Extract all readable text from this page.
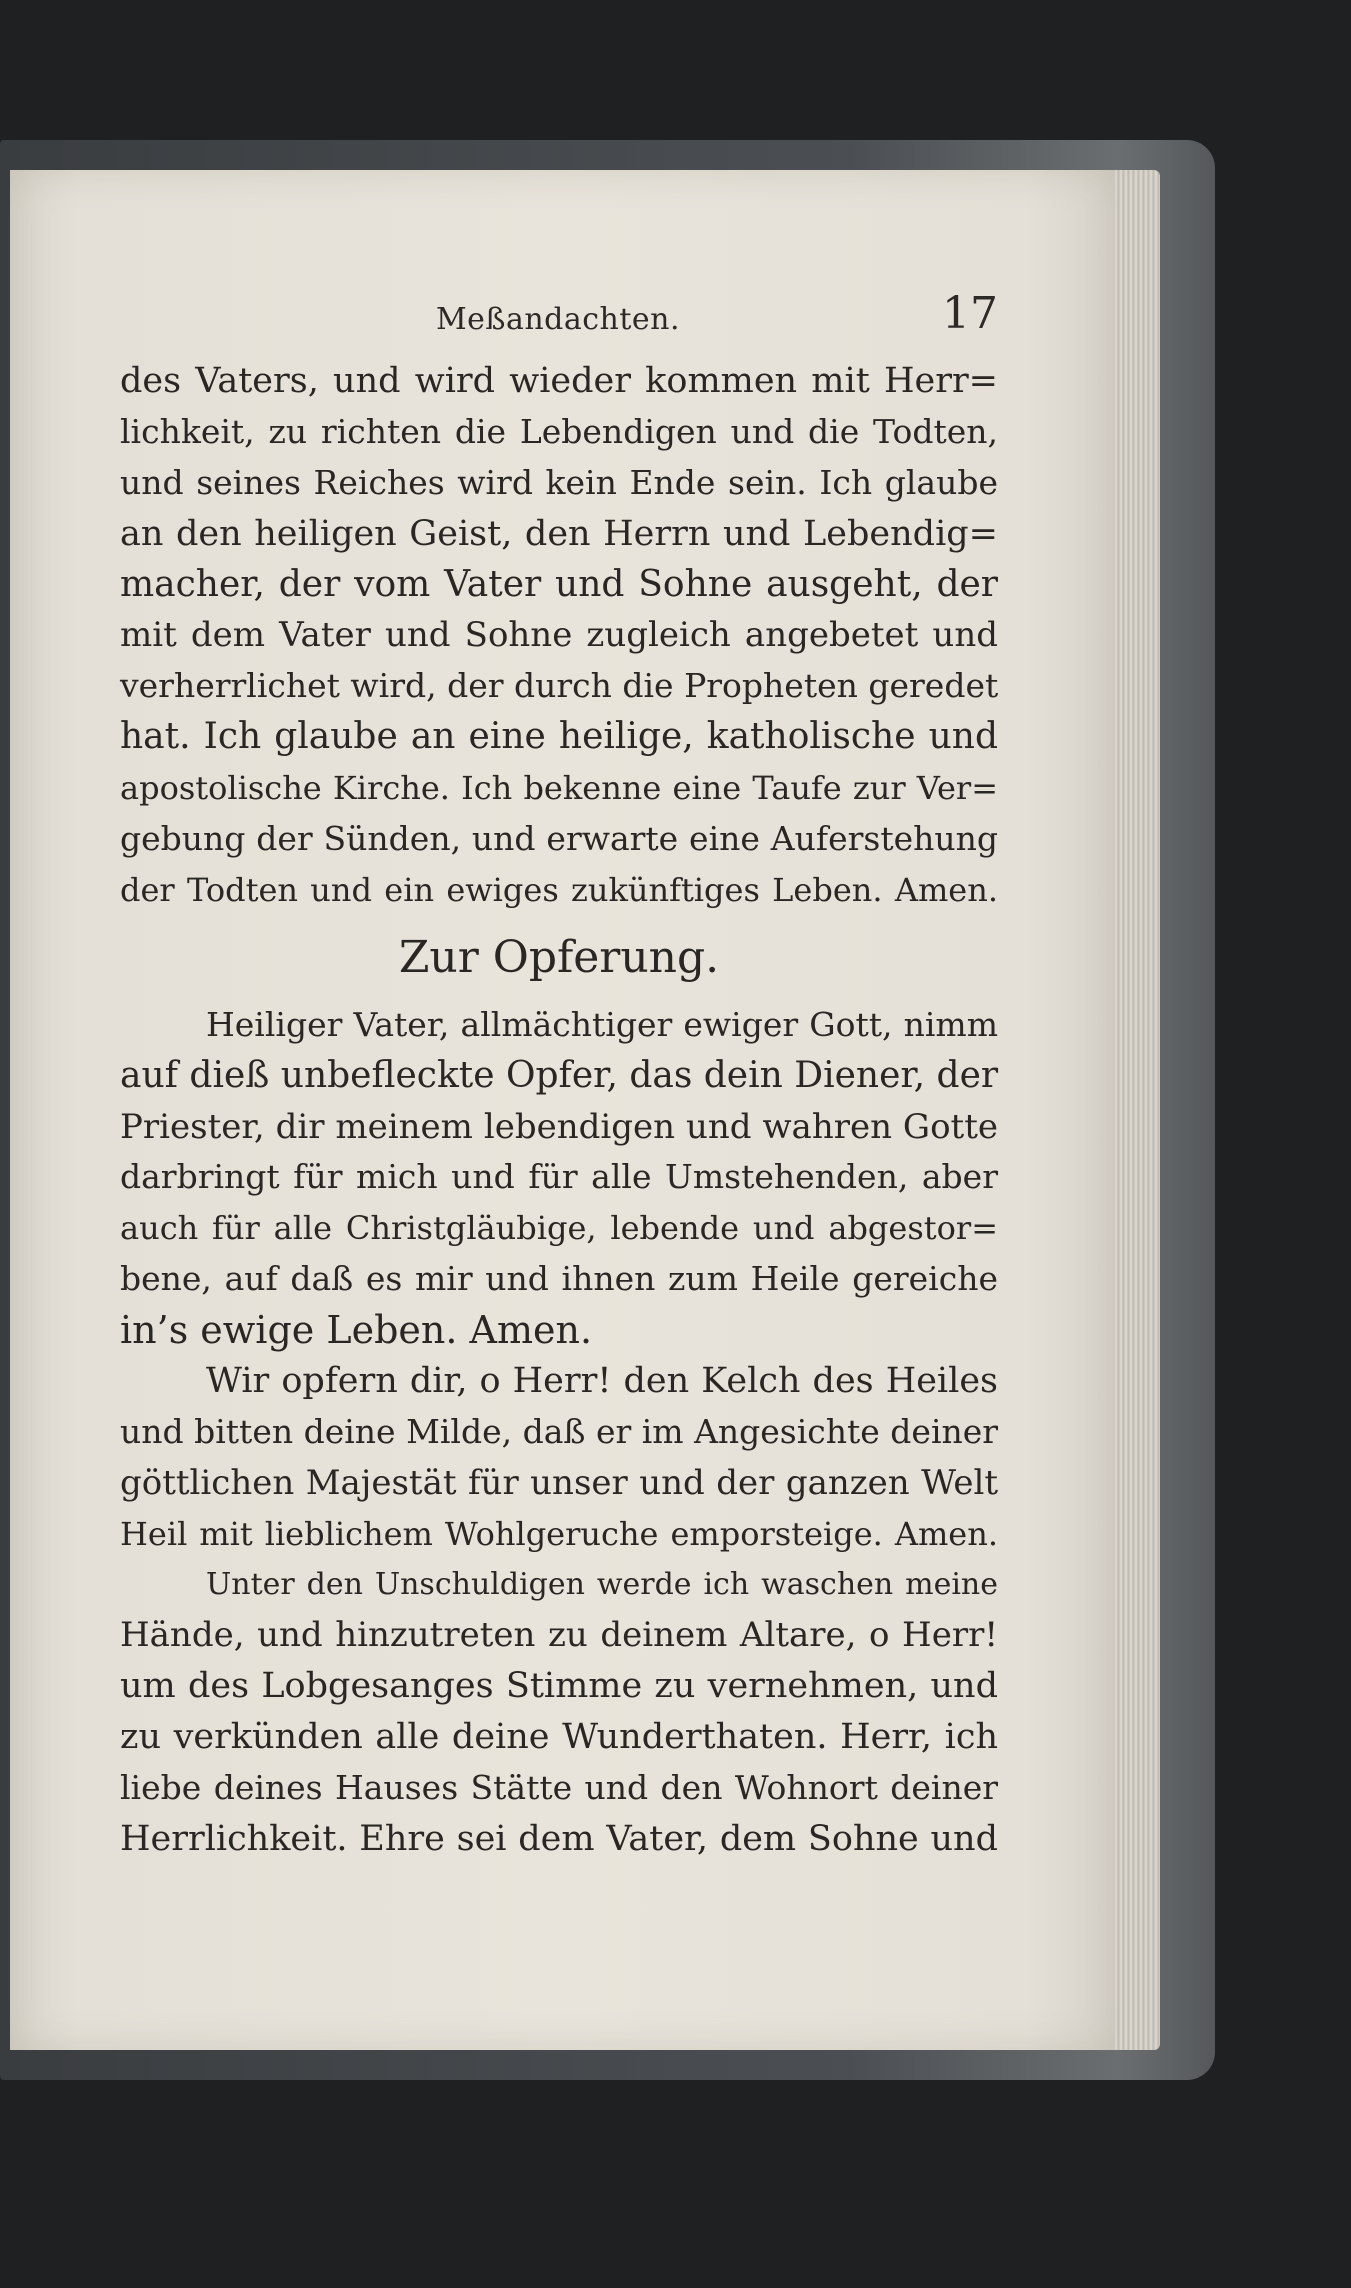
Meßandachten.	17
des Vaters, und wird wieder kommen mit Herr=
lichkeit, zu richten die Lebendigen und die Todten,
und seines Reiches wird kein Ende sein. Ich glaube
an den heiligen Geist, den Herrn und Lebendig=
macher, der vom Vater und Sohne ausgeht, der
mit dem Vater und Sohne zugleich angebetet und
verherrlichet wird, der durch die Propheten geredet
hat. Ich glaube an eine heilige, katholische und
apostolische Kirche. Ich bekenne eine Taufe zur Ver=
gebung der Sünden, und erwarte eine Auferstehung
der Todten und ein ewiges zukünftiges Leben. Amen.
Zur Opferung.
Heiliger Vater, allmächtiger ewiger Gott, nimm
auf dieß unbefleckte Opfer, das dein Diener, der
Priester, dir meinem lebendigen und wahren Gotte
darbringt für mich und für alle Umstehenden, aber
auch für alle Christgläubige, lebende und abgestor=
bene, auf daß es mir und ihnen zum Heile gereiche
in’s ewige Leben. Amen.
Wir opfern dir, o Herr! den Kelch des Heiles
und bitten deine Milde, daß er im Angesichte deiner
göttlichen Majestät für unser und der ganzen Welt
Heil mit lieblichem Wohlgeruche emporsteige. Amen.
Unter den Unschuldigen werde ich waschen meine
Hände, und hinzutreten zu deinem Altare, o Herr!
um des Lobgesanges Stimme zu vernehmen, und
zu verkünden alle deine Wunderthaten. Herr, ich
liebe deines Hauses Stätte und den Wohnort deiner
Herrlichkeit. Ehre sei dem Vater, dem Sohne und
